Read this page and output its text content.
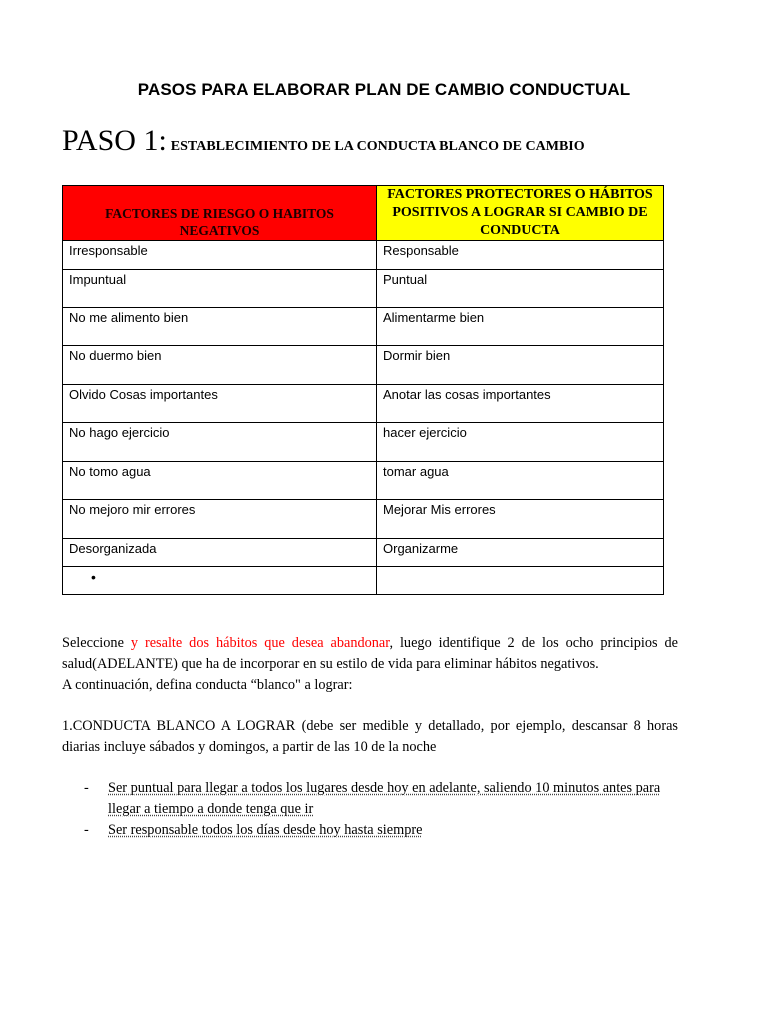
PASOS PARA ELABORAR PLAN DE CAMBIO CONDUCTUAL
PASO 1: ESTABLECIMIENTO DE LA CONDUCTA BLANCO DE CAMBIO
FACTORES DE RIESGO O HABITOS NEGATIVOS	FACTORES PROTECTORES O HÁBITOS POSITIVOS A LOGRAR SI CAMBIO DE CONDUCTA
Irresponsable	Responsable
Impuntual	Puntual
No me alimento bien	Alimentarme bien
No duermo bien	Dormir bien
Olvido Cosas importantes	Anotar las cosas importantes
No hago ejercicio	hacer ejercicio
No tomo agua	tomar agua
No mejoro mir errores	Mejorar Mis errores
Desorganizada	Organizarme
•	
Seleccione y resalte dos hábitos que desea abandonar, luego identifique 2 de los ocho principios de salud(ADELANTE) que ha de incorporar en su estilo de vida para eliminar hábitos negativos.
A continuación, defina conducta “blanco" a lograr:
1.CONDUCTA BLANCO A LOGRAR (debe ser medible y detallado, por ejemplo, descansar 8 horas diarias incluye sábados y domingos, a partir de las 10 de la noche
- Ser puntual para llegar a todos los lugares desde hoy en adelante, saliendo 10 minutos antes para llegar a tiempo a donde tenga que ir
- Ser responsable todos los días desde hoy hasta siempre
